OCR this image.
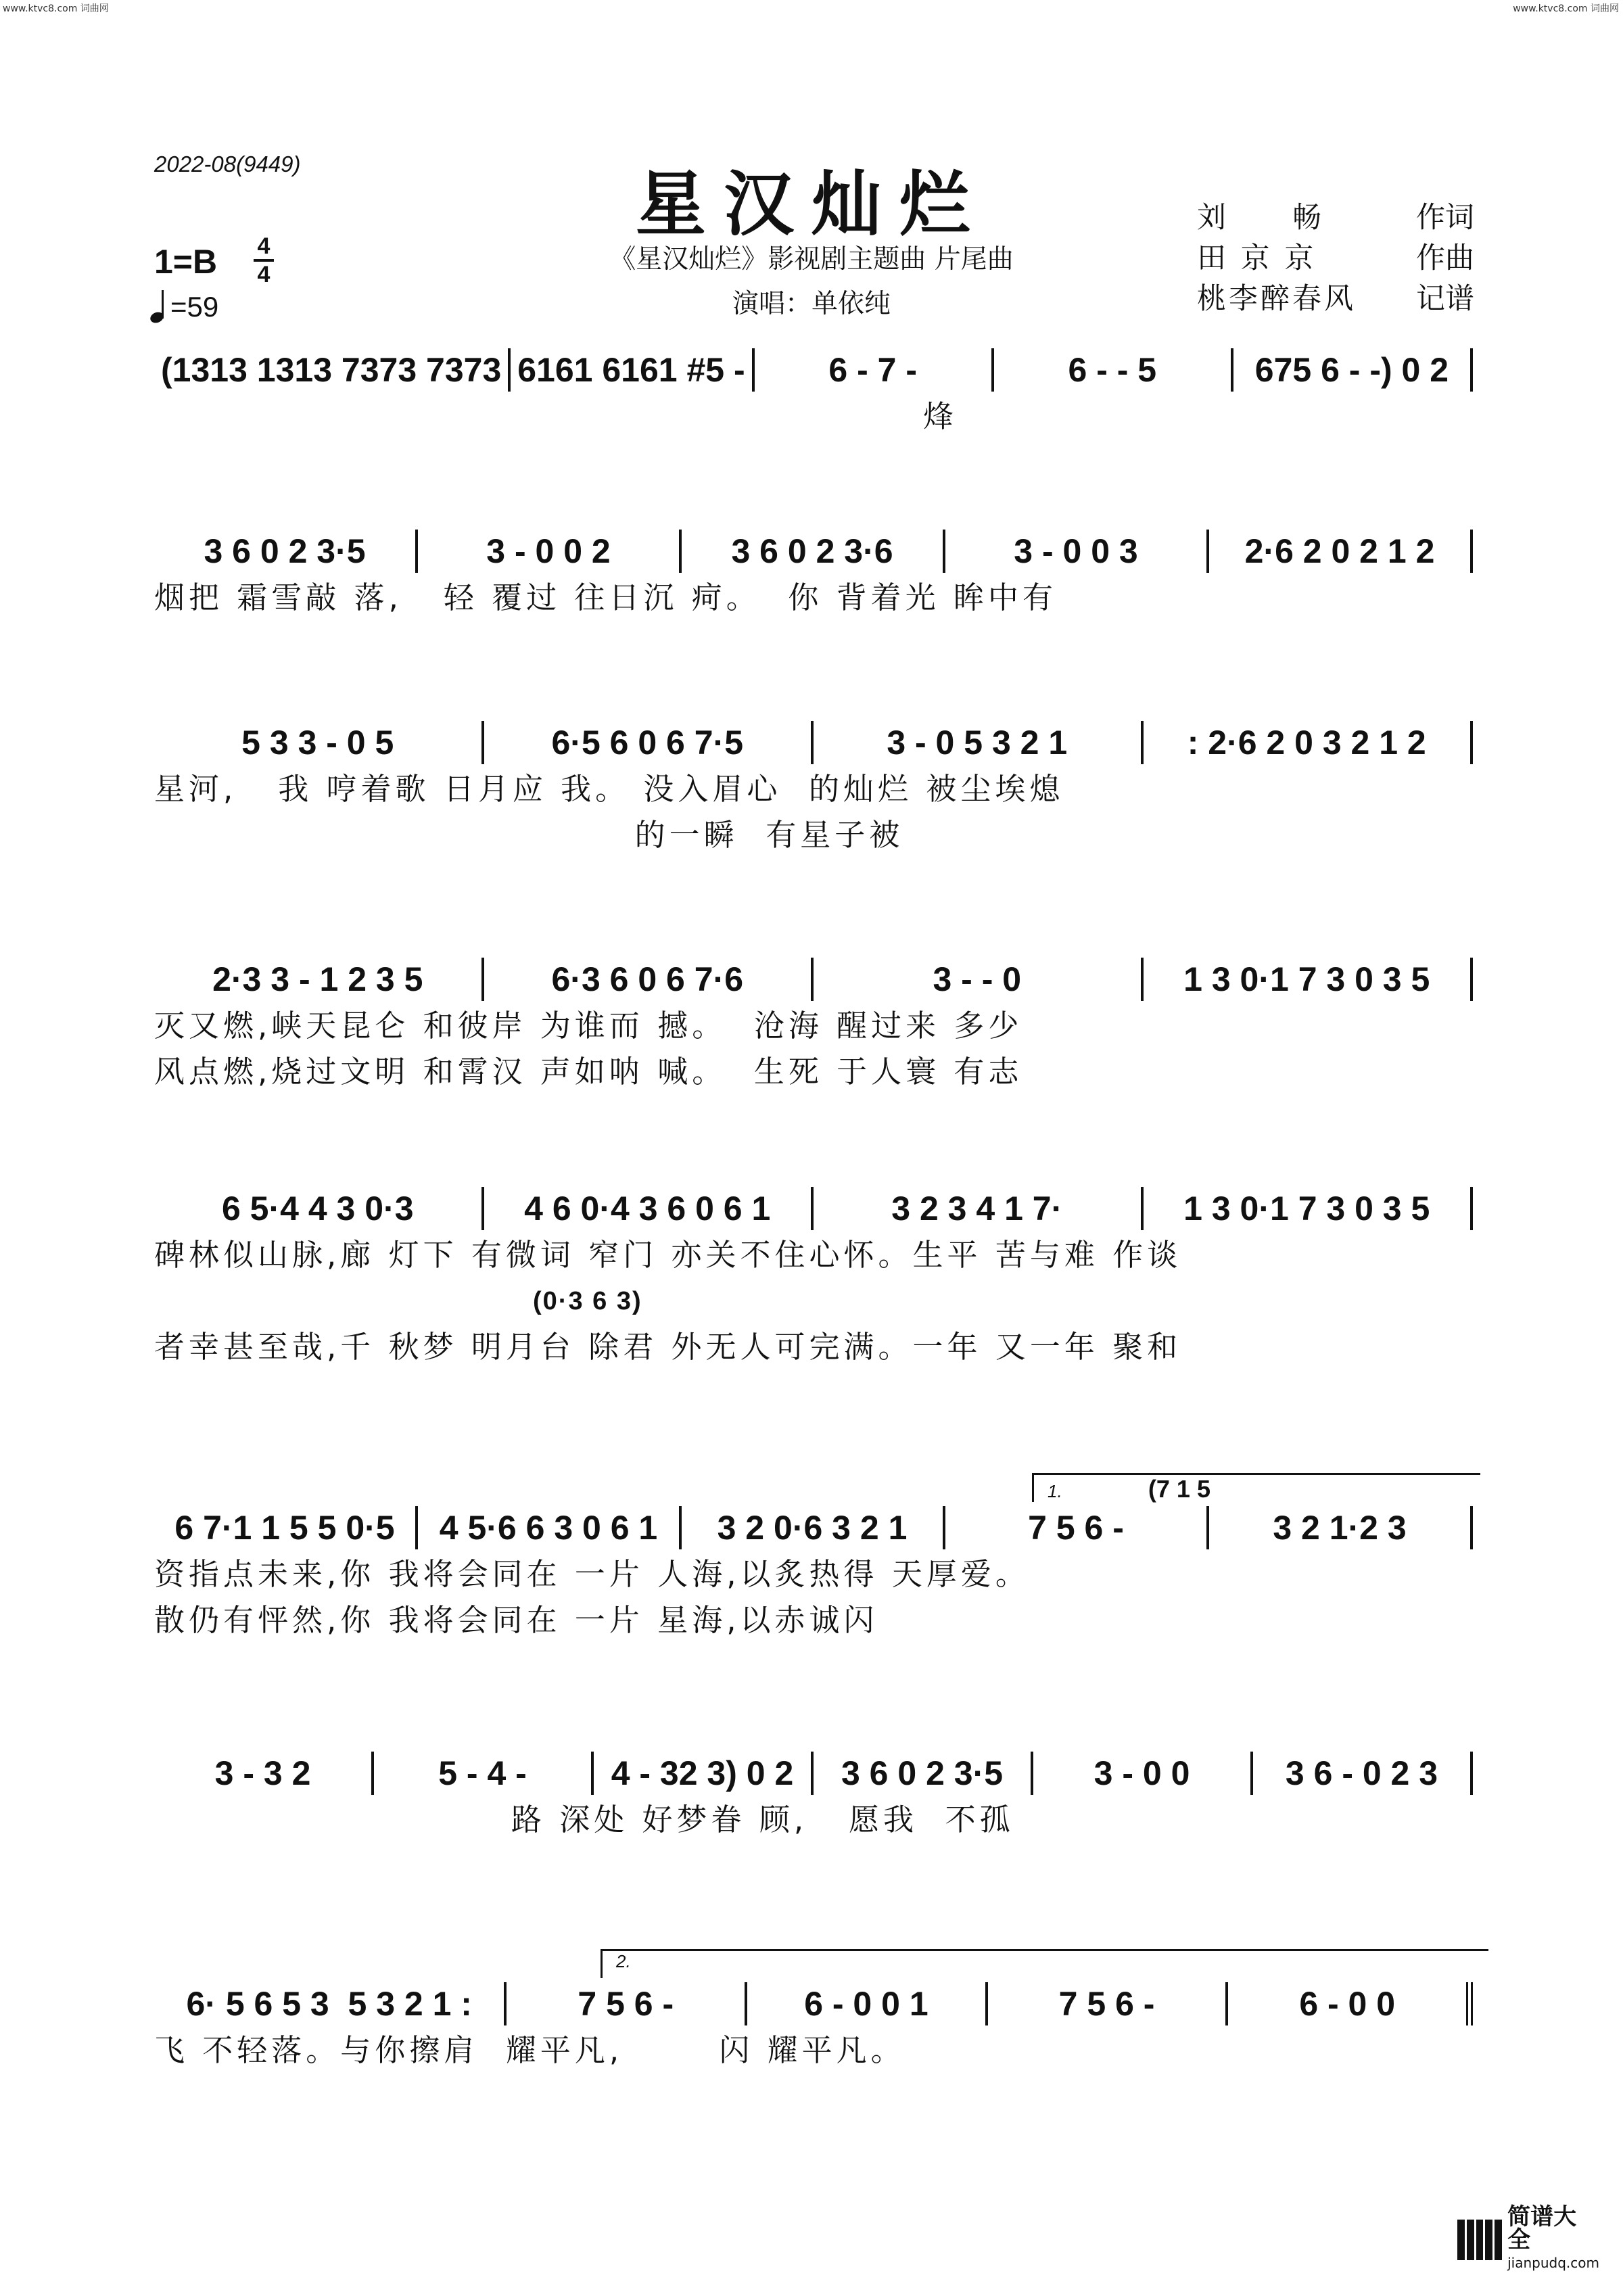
www.ktvc8.com 词曲网	www.ktvc8.com 词曲网
2022-08(9449)	星汉灿烂
《星汉灿烂》影视剧主题曲 片尾曲
演唱：单依纯
1=B 4
4
=59
刘　　畅	作词
田 京 京	作曲
桃李醉春风 记谱
(1313 1313 7373 7373 6161 6161 #5 -	6 - 7 -	6 - - 5	675 6 - -) 0 2
烽
3 6 0 2 3·5	3 - 0 0 2	3 6 0 2 3·6	3 - 0 0 3	2·6 2 0 2 1 2
烟把 霜雪敲 落,   轻 覆过 往日沉 疴。  你 背着光 眸中有
5 3 3 - 0 5	6·5 6 0 6 7·5	3 - 0 5 3 2 1	: 2·6 2 0 3 2 1 2
星河,   我 哼着歌 日月应 我。 没入眉心  的灿烂 被尘埃熄
的一瞬  有星子被
2·3 3 - 1 2 3 5	6·3 6 0 6 7·6	3 - - 0	1 3 0·1 7 3 0 3 5
灭又燃,峡天昆仑 和彼岸 为谁而 撼。  沧海 醒过来 多少
风点燃,烧过文明 和霄汉 声如呐 喊。  生死 于人寰 有志
6 5·4 4 3 0·3	4 6 0·4 3 6 0 6 1	3 2 3 4 1 7·	1 3 0·1 7 3 0 3 5
碑林似山脉,廊 灯下 有微词 窄门 亦关不住心怀。生平 苦与难 作谈
(0·3 6 3)
者幸甚至哉,千 秋梦 明月台 除君 外无人可完满。一年 又一年 聚和
1.	(7 1 5
6 7·1 1 5 5 0·5	4 5·6 6 3 0 6 1	3 2 0·6 3 2 1	7 5 6 -	3 2 1·2 3
资指点未来,你 我将会同在 一片 人海,以炙热得 天厚爱。
散仍有怦然,你 我将会同在 一片 星海,以赤诚闪
3 - 3 2	5 - 4 -	4 - 32 3) 0 2	3 6 0 2 3·5	3 - 0 0	3 6 - 0 2 3
路 深处 好梦眷 顾,   愿我  不孤
2.
6· 5 6 5 3  5 3 2 1 :	7 5 6 -	6 - 0 0 1	7 5 6 -	6 - 0 0
飞 不轻落。与你擦肩  耀平凡,       闪 耀平凡。
简谱大全
jianpudq.com
